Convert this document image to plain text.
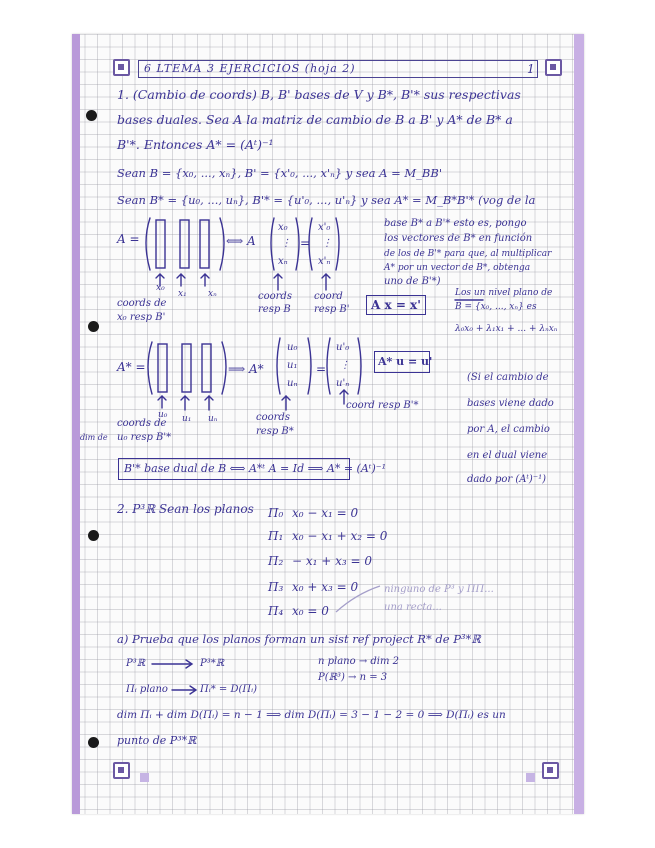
6 LTEMA 3 EJERCICIOS (hoja 2)	1
1. (Cambio de coords) B, B' bases de V y B*, B'* sus respectivas
bases duales. Sea A la matriz de cambio de B a B' y A* de B* a
B'*. Entonces A* = (Aᵗ)⁻¹
Sean B = {x₀, ..., xₙ}, B' = {x'₀, ..., x'ₙ} y sea A = M_BB'
Sean B* = {u₀, ..., uₙ}, B'* = {u'₀, ..., u'ₙ} y sea A* = M_B*B'* (vog de la
base B* a B'* esto es, pongo
los vectores de B* en función
de los de B'* para que, al multiplicar
A* por un vector de B*, obtenga
uno de B'*)
A =	⟺ A
x₀
⋮
xₙ
=
x'₀
⋮
x'ₙ
x₀
x₁ xₙ
coords de
x₀ resp B'
coords
resp B
coord
resp B' A x = x'
Los un nivel plano de
B = {x₀, ..., xₙ} es
λ₀x₀ + λ₁x₁ + ... + λₙxₙ
A* =	⟹ A*
u₀
u₁
uₙ
=
u'₀
⋮
u'ₙ
A* u = u'
u₀ u₁ uₙ
coords de
u₀ resp B'*
dim de
coords
resp B*
coord resp B'*
(Si el cambio de
bases viene dado
por A, el cambio
en el dual viene
dado por (Aᵗ)⁻¹)
B'* base dual de B ⟺ A*ᵗ A = Id ⟹ A* = (Aᵗ)⁻¹
2. P³ℝ Sean los planos Π₀ x₀ − x₁ = 0
Π₁ x₀ − x₁ + x₂ = 0
Π₂ − x₁ + x₃ = 0
Π₃ x₀ + x₃ = 0
Π₄ x₀ = 0
ninguno de P³ y ΠΠ...
una recta...
a) Prueba que los planos forman un sist ref project R* de P³*ℝ
P³ℝ	P³*ℝ
Πᵢ plano	Πᵢ* = D(Πᵢ)
n plano → dim 2
P(ℝ³) → n = 3
dim Πᵢ + dim D(Πᵢ) = n − 1 ⟹ dim D(Πᵢ) = 3 − 1 − 2 = 0 ⟹ D(Πᵢ) es un
punto de P³*ℝ
